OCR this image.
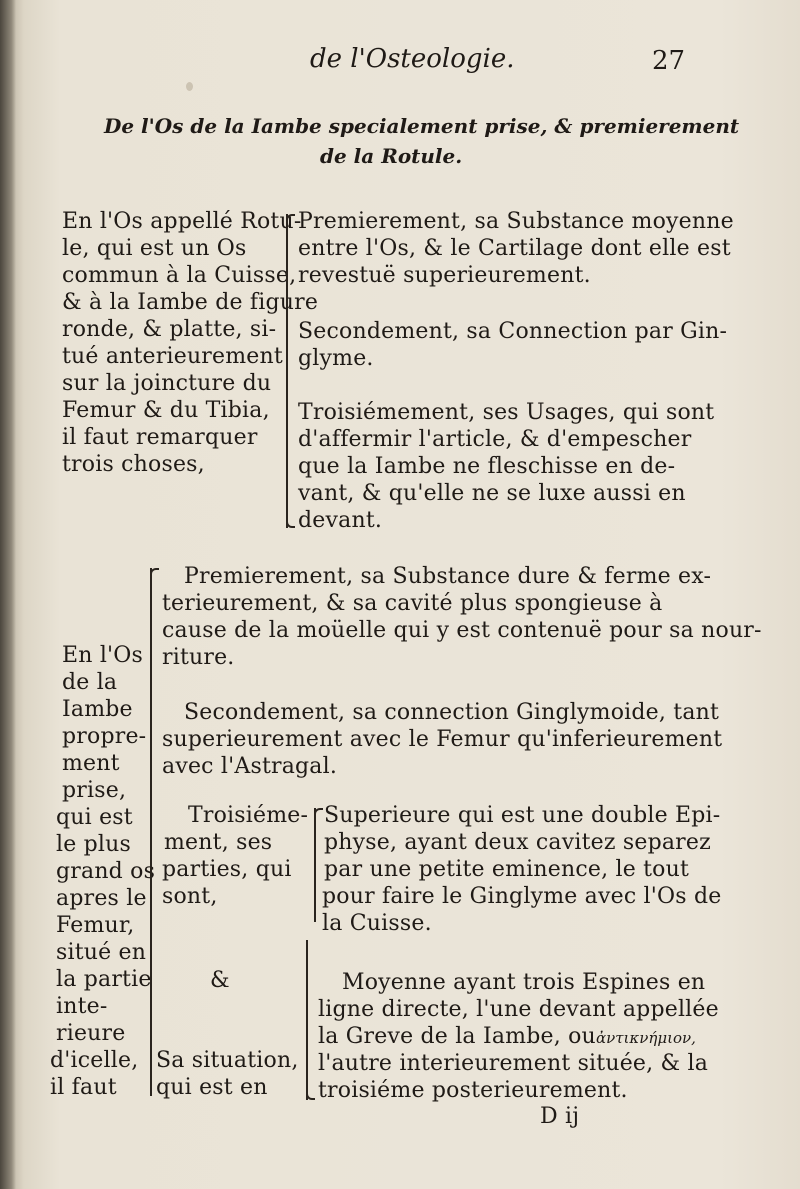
de l'Osteologie.	27
De l'Os de la Iambe specialement prise, & premierement
de la Rotule.
En l'Os appellé Rotu-
le, qui est un Os
commun à la Cuisse,
& à la Iambe de figure
ronde, & platte, si-
tué anterieurement
sur la joincture du
Femur & du Tibia,
il faut remarquer
trois choses,
Premierement, sa Substance moyenne
entre l'Os, & le Cartilage dont elle est
revestuë superieurement.
Secondement, sa Connection par Gin-
glyme.
Troisiémement, ses Usages, qui sont
d'affermir l'article, & d'empescher
que la Iambe ne fleschisse en de-
vant, & qu'elle ne se luxe aussi en
devant.
En l'Os
de la
Iambe
propre-
ment
prise,
qui est
le plus
grand os
apres le
Femur,
situé en
la partie
inte-
rieure
d'icelle,
il faut
Premierement, sa Substance dure & ferme ex-
terieurement, & sa cavité plus spongieuse à
cause de la moüelle qui y est contenuë pour sa nour-
riture.
Secondement, sa connection Ginglymoide, tant
superieurement avec le Femur qu'inferieurement
avec l'Astragal.
Troisiéme-
ment, ses
parties, qui
sont,
&
Sa situation,
qui est en
Superieure qui est une double Epi-
physe, ayant deux cavitez separez
par une petite eminence, le tout
pour faire le Ginglyme avec l'Os de
la Cuisse.
Moyenne ayant trois Espines en
ligne directe, l'une devant appellée
la Greve de la Iambe, ou ἀντικνήμιον,
l'autre interieurement située, & la
troisiéme posterieurement.
D ij
